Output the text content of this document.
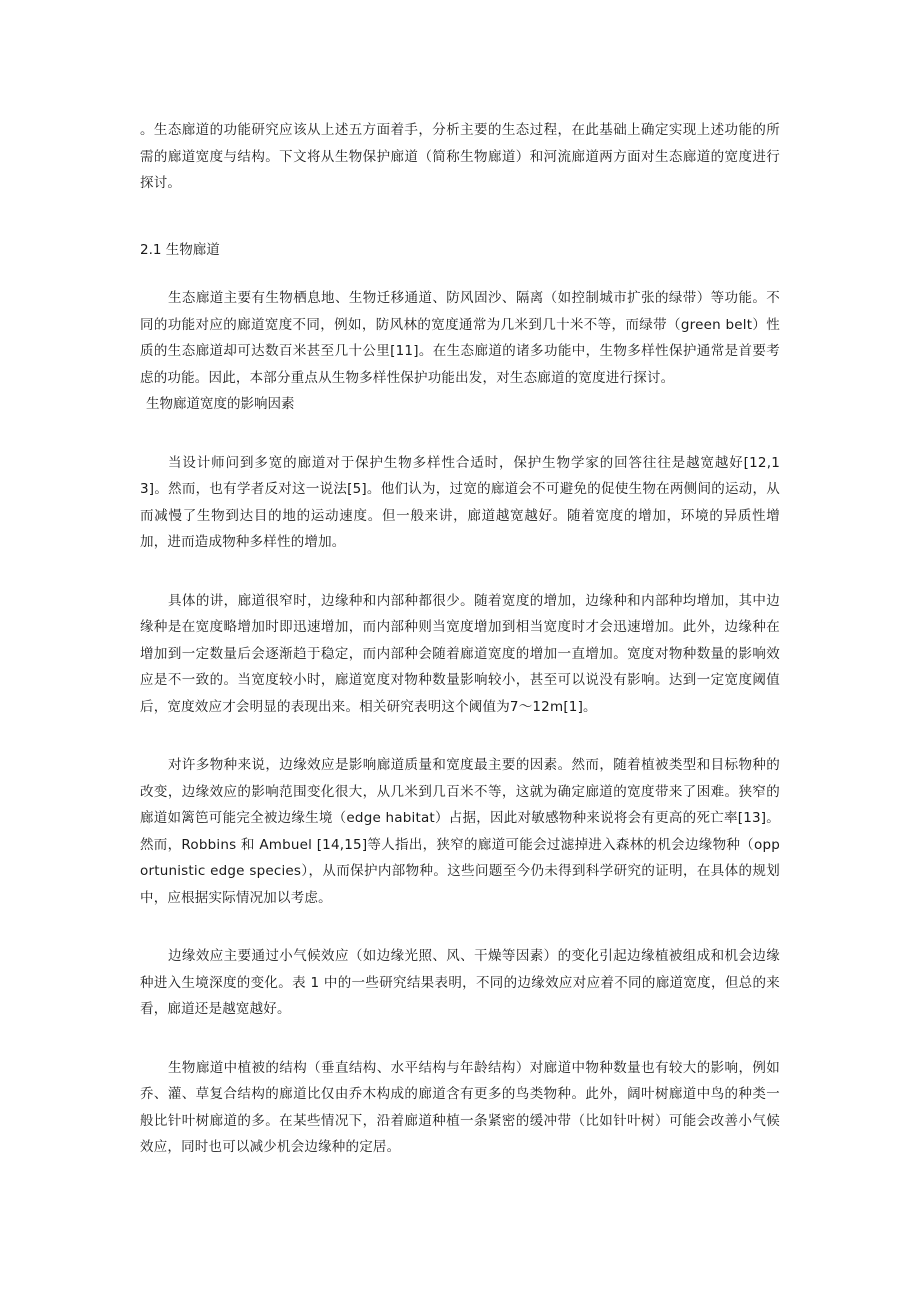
。生态廊道的功能研究应该从上述五方面着手，分析主要的生态过程，在此基础上确定实现上述功能的所需的廊道宽度与结构。下文将从生物保护廊道（简称生物廊道）和河流廊道两方面对生态廊道的宽度进行探讨。

2.1 生物廊道

生态廊道主要有生物栖息地、生物迁移通道、防风固沙、隔离（如控制城市扩张的绿带）等功能。不同的功能对应的廊道宽度不同，例如，防风林的宽度通常为几米到几十米不等，而绿带（green belt）性质的生态廊道却可达数百米甚至几十公里[11]。在生态廊道的诸多功能中，生物多样性保护通常是首要考虑的功能。因此，本部分重点从生物多样性保护功能出发，对生态廊道的宽度进行探讨。

生物廊道宽度的影响因素

当设计师问到多宽的廊道对于保护生物多样性合适时，保护生物学家的回答往往是越宽越好[12,13]。然而，也有学者反对这一说法[5]。他们认为，过宽的廊道会不可避免的促使生物在两侧间的运动，从而减慢了生物到达目的地的运动速度。但一般来讲，廊道越宽越好。随着宽度的增加，环境的异质性增加，进而造成物种多样性的增加。

具体的讲，廊道很窄时，边缘种和内部种都很少。随着宽度的增加，边缘种和内部种均增加，其中边缘种是在宽度略增加时即迅速增加，而内部种则当宽度增加到相当宽度时才会迅速增加。此外，边缘种在增加到一定数量后会逐渐趋于稳定，而内部种会随着廊道宽度的增加一直增加。宽度对物种数量的影响效应是不一致的。当宽度较小时，廊道宽度对物种数量影响较小，甚至可以说没有影响。达到一定宽度阈值后，宽度效应才会明显的表现出来。相关研究表明这个阈值为7～12m[1]。

对许多物种来说，边缘效应是影响廊道质量和宽度最主要的因素。然而，随着植被类型和目标物种的改变，边缘效应的影响范围变化很大，从几米到几百米不等，这就为确定廊道的宽度带来了困难。狭窄的廊道如篱笆可能完全被边缘生境（edge habitat）占据，因此对敏感物种来说将会有更高的死亡率[13]。然而，Robbins 和 Ambuel [14,15]等人指出，狭窄的廊道可能会过滤掉进入森林的机会边缘物种（opportunistic edge species），从而保护内部物种。这些问题至今仍未得到科学研究的证明，在具体的规划中，应根据实际情况加以考虑。

边缘效应主要通过小气候效应（如边缘光照、风、干燥等因素）的变化引起边缘植被组成和机会边缘种进入生境深度的变化。表 1 中的一些研究结果表明，不同的边缘效应对应着不同的廊道宽度，但总的来看，廊道还是越宽越好。

生物廊道中植被的结构（垂直结构、水平结构与年龄结构）对廊道中物种数量也有较大的影响，例如乔、灌、草复合结构的廊道比仅由乔木构成的廊道含有更多的鸟类物种。此外，阔叶树廊道中鸟的种类一般比针叶树廊道的多。在某些情况下，沿着廊道种植一条紧密的缓冲带（比如针叶树）可能会改善小气候效应，同时也可以减少机会边缘种的定居。
